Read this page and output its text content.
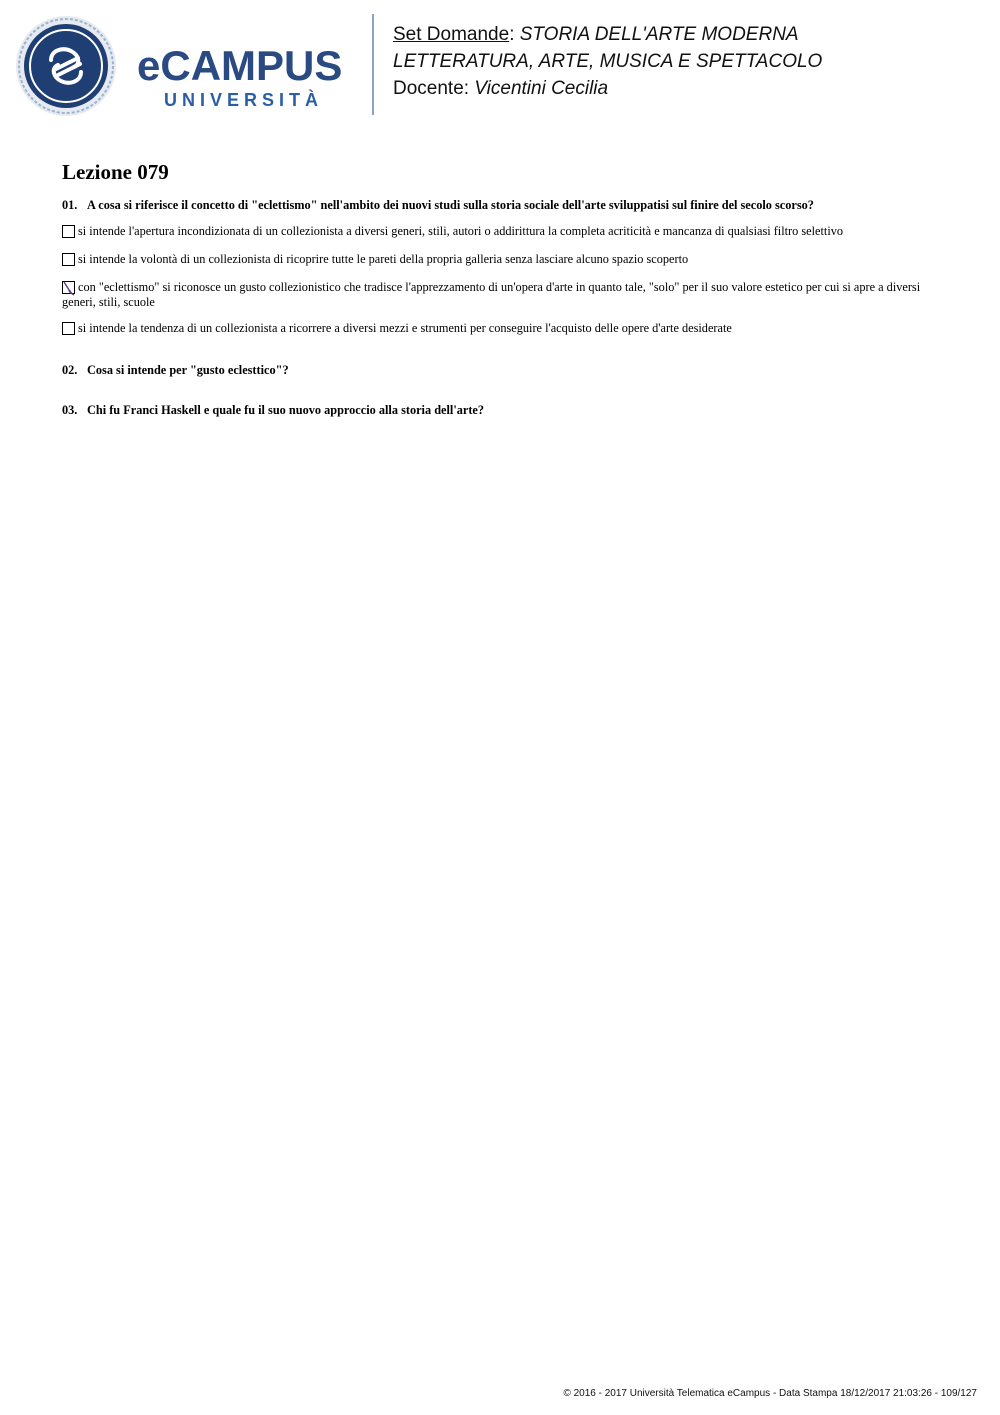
eCAMPUS
UNIVERSITÀ
Set Domande: STORIA DELL'ARTE MODERNA
LETTERATURA, ARTE, MUSICA E SPETTACOLO
Docente: Vicentini Cecilia
Lezione 079
01. A cosa si riferisce il concetto di "eclettismo" nell'ambito dei nuovi studi sulla storia sociale dell'arte sviluppatisi sul finire del secolo scorso?
si intende l'apertura incondizionata di un collezionista a diversi generi, stili, autori o addirittura la completa acriticità e mancanza di qualsiasi filtro selettivo
si intende la volontà di un collezionista di ricoprire tutte le pareti della propria galleria senza lasciare alcuno spazio scoperto
con "eclettismo" si riconosce un gusto collezionistico che tradisce l'apprezzamento di un'opera d'arte in quanto tale, "solo" per il suo valore estetico per cui si apre a diversi generi, stili, scuole
si intende la tendenza di un collezionista a ricorrere a diversi mezzi e strumenti per conseguire l'acquisto delle opere d'arte desiderate
02. Cosa si intende per "gusto eclesttico"?
03. Chi fu Franci Haskell e quale fu il suo nuovo approccio alla storia dell'arte?
© 2016 - 2017 Università Telematica eCampus - Data Stampa 18/12/2017 21:03:26 - 109/127
